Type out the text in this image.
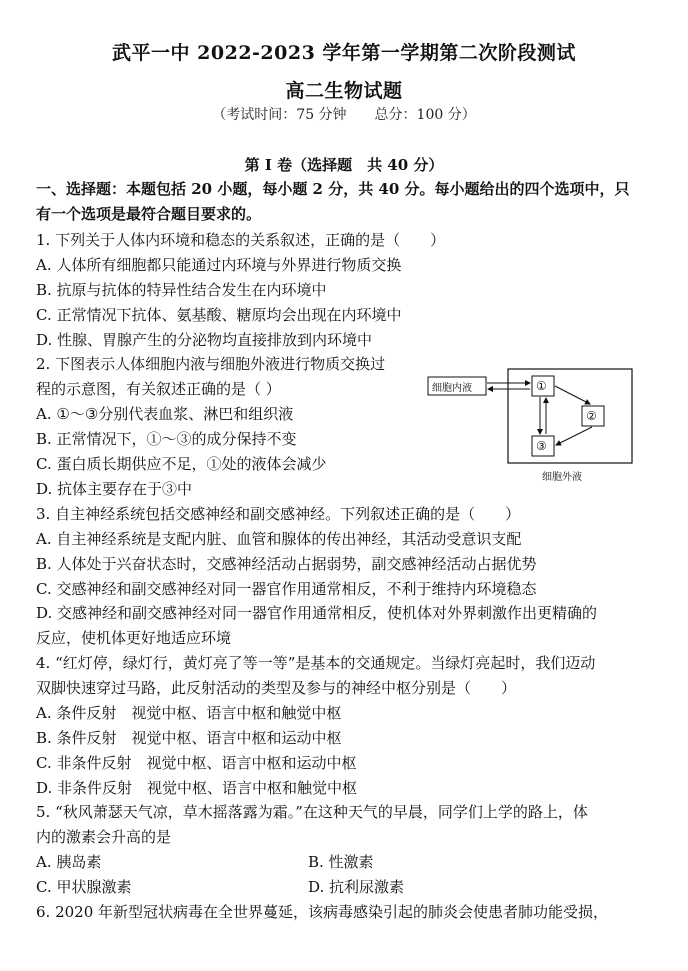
武平一中 2022-2023 学年第一学期第二次阶段测试
高二生物试题
（考试时间：75 分钟　　总分：100 分）
第 I 卷（选择题　共 40 分）
一、选择题：本题包括 20 小题，每小题 2 分，共 40 分。每小题给出的四个选项中，只
有一个选项是最符合题目要求的。
1. 下列关于人体内环境和稳态的关系叙述，正确的是（　　）
A. 人体所有细胞都只能通过内环境与外界进行物质交换
B. 抗原与抗体的特异性结合发生在内环境中
C. 正常情况下抗体、氨基酸、糖原均会出现在内环境中
D. 性腺、胃腺产生的分泌物均直接排放到内环境中
2. 下图表示人体细胞内液与细胞外液进行物质交换过
程的示意图，有关叙述正确的是（ ）
A. ①～③分别代表血浆、淋巴和组织液
B. 正常情况下，①～③的成分保持不变
C. 蛋白质长期供应不足，①处的液体会减少
D. 抗体主要存在于③中
细胞内液	①
②
③
细胞外液
3. 自主神经系统包括交感神经和副交感神经。下列叙述正确的是（　　）
A. 自主神经系统是支配内脏、血管和腺体的传出神经，其活动受意识支配
B. 人体处于兴奋状态时，交感神经活动占据弱势，副交感神经活动占据优势
C. 交感神经和副交感神经对同一器官作用通常相反，不利于维持内环境稳态
D. 交感神经和副交感神经对同一器官作用通常相反，使机体对外界刺激作出更精确的
反应，使机体更好地适应环境
4. “红灯停，绿灯行，黄灯亮了等一等”是基本的交通规定。当绿灯亮起时，我们迈动
双脚快速穿过马路，此反射活动的类型及参与的神经中枢分别是（　　）
A. 条件反射　视觉中枢、语言中枢和触觉中枢
B. 条件反射　视觉中枢、语言中枢和运动中枢
C. 非条件反射　视觉中枢、语言中枢和运动中枢
D. 非条件反射　视觉中枢、语言中枢和触觉中枢
5. “秋风萧瑟天气凉，草木摇落露为霜。”在这种天气的早晨，同学们上学的路上，体
内的激素会升高的是
A. 胰岛素	B. 性激素
C. 甲状腺激素	D. 抗利尿激素
6. 2020 年新型冠状病毒在全世界蔓延，该病毒感染引起的肺炎会使患者肺功能受损，
